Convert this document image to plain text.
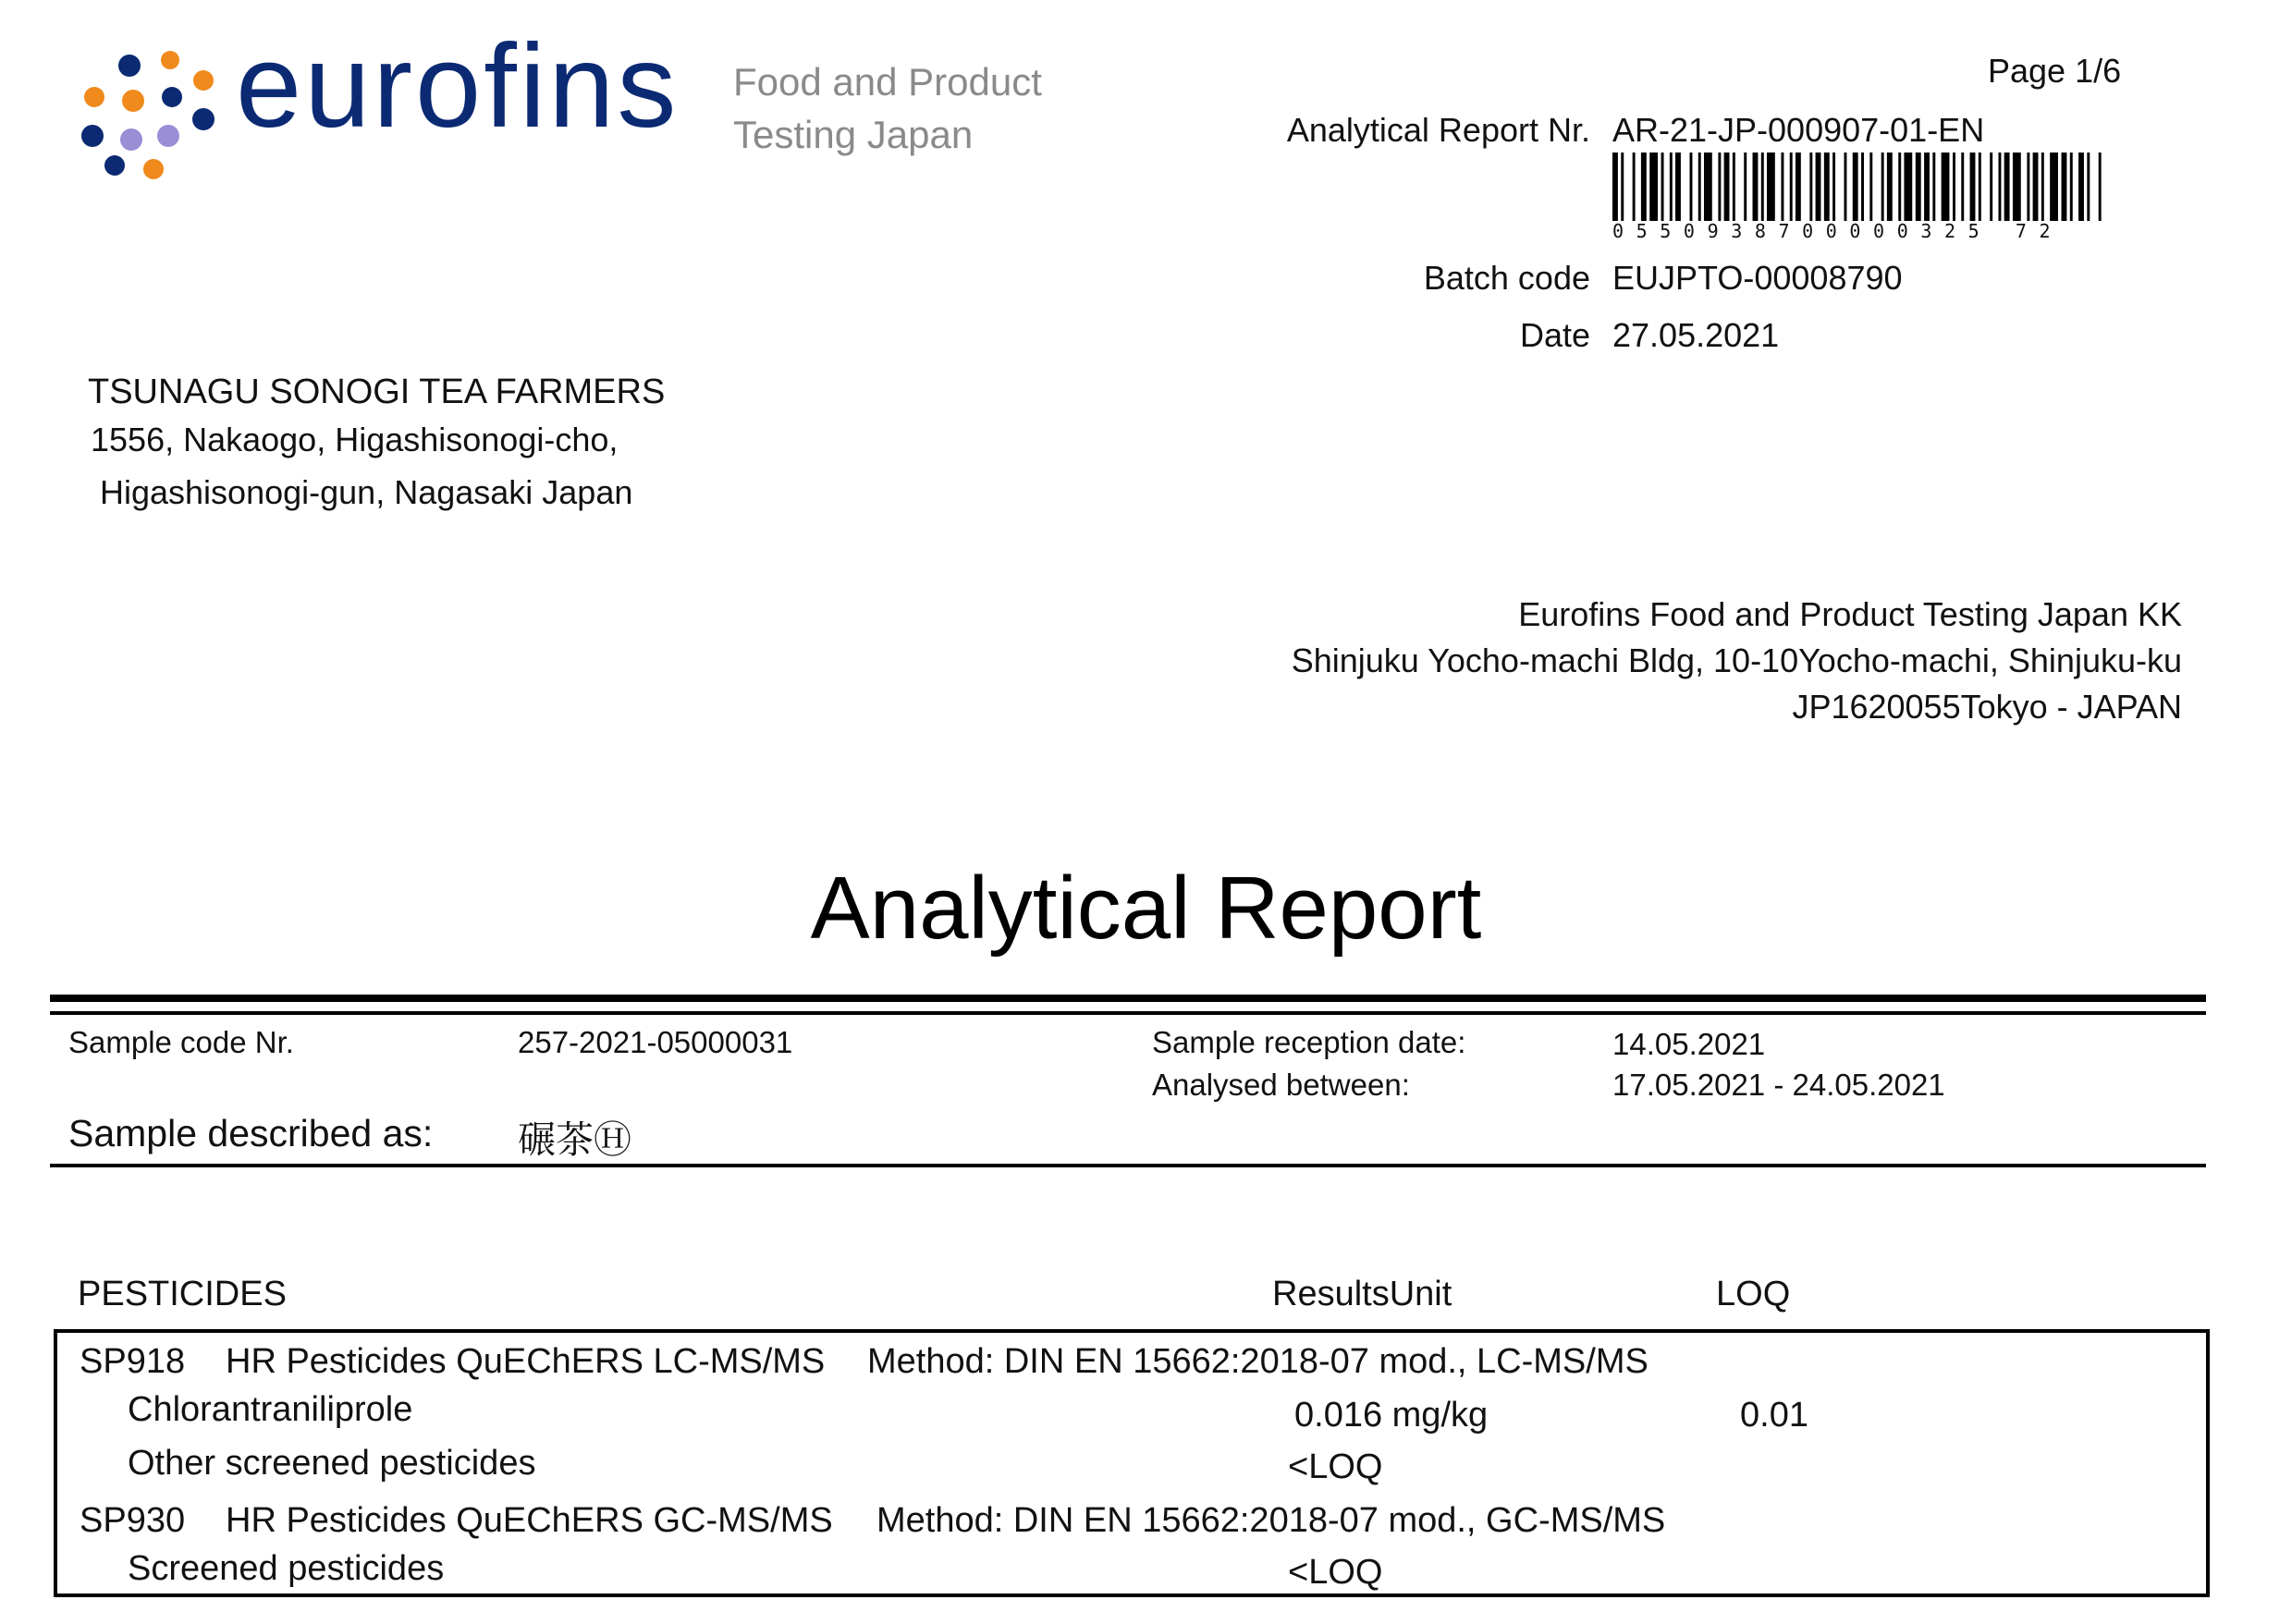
eurofins Food and Product
Testing Japan
Page 1/6
Analytical Report Nr. AR-21-JP-000907-01-EN
0550938700000325 72
Batch code EUJPTO-00008790
Date 27.05.2021
TSUNAGU SONOGI TEA FARMERS
1556, Nakaogo, Higashisonogi-cho,
Higashisonogi-gun, Nagasaki Japan
Eurofins Food and Product Testing Japan KK
Shinjuku Yocho-machi Bldg, 10-10Yocho-machi, Shinjuku-ku
JP1620055Tokyo - JAPAN
Analytical Report
Sample code Nr.	257-2021-05000031	Sample reception date:	14.05.2021
Analysed between:	17.05.2021 - 24.05.2021
Sample described as: 碾茶Ⓗ
PESTICIDES	ResultsUnit	LOQ
SP918 HR Pesticides QuEChERS LC-MS/MS Method: DIN EN 15662:2018-07 mod., LC-MS/MS
Chlorantraniliprole	0.016 mg/kg	0.01
Other screened pesticides	<LOQ
SP930 HR Pesticides QuEChERS GC-MS/MS Method: DIN EN 15662:2018-07 mod., GC-MS/MS
Screened pesticides	<LOQ
